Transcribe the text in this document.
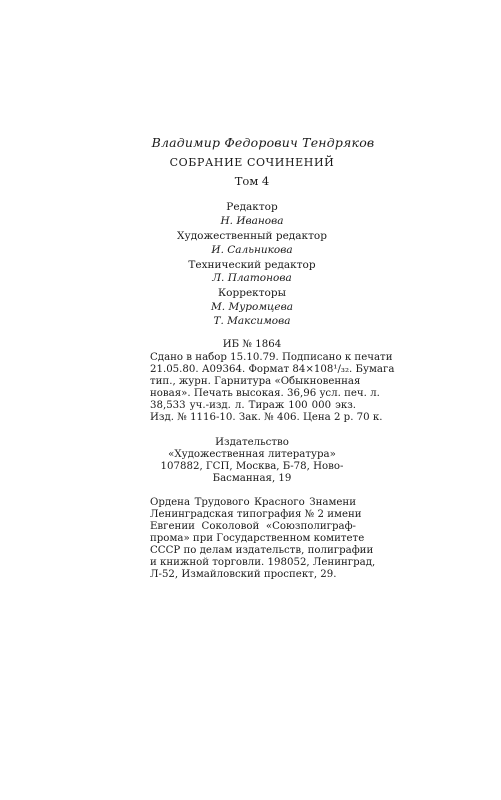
Владимир Федорович Тендряков
СОБРАНИЕ СОЧИНЕНИЙ
Том 4
Редактор
Н. Иванова
Художественный редактор
И. Сальникова
Технический редактор
Л. Платонова
Корректоры
М. Муромцева
Т. Максимова
ИБ № 1864
Сдано в набор 15.10.79. Подписано к печати
21.05.80. А09364. Формат 84×108¹/₃₂. Бумага
тип., журн. Гарнитура «Обыкновенная
новая». Печать высокая. 36,96 усл. печ. л.
38,533 уч.-изд. л. Тираж 100 000 экз.
Изд. № 1116-10. Зак. № 406. Цена 2 р. 70 к.
Издательство
«Художественная литература»
107882, ГСП, Москва, Б-78, Ново-
Басманная, 19
Ордена Трудового Красного Знамени
Ленинградская типография № 2 имени
Евгении Соколовой «Союзполиграф-
прома» при Государственном комитете
СССР по делам издательств, полиграфии
и книжной торговли. 198052, Ленинград,
Л-52, Измайловский проспект, 29.
